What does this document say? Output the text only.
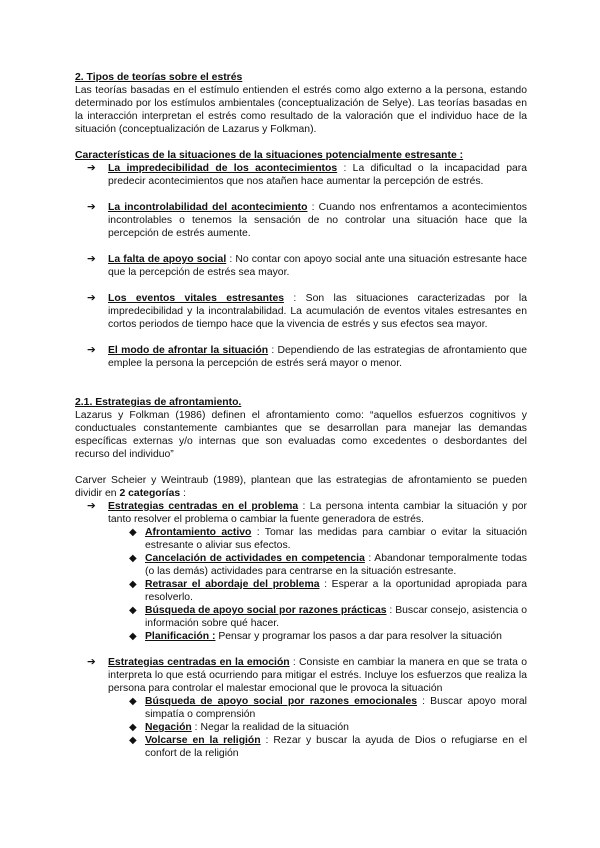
2. Tipos de teorías sobre el estrés

Las teorías basadas en el estímulo entienden el estrés como algo externo a la persona, estando determinado por los estímulos ambientales (conceptualización de Selye). Las teorías basadas en la interacción interpretan el estrés como resultado de la valoración que el individuo hace de la situación (conceptualización de Lazarus y Folkman).

Características de la situaciones de la situaciones potencialmente estresante :

➔ La impredecibilidad de los acontecimientos : La dificultad o la incapacidad para predecir acontecimientos que nos atañen hace aumentar la percepción de estrés.
➔ La incontrolabilidad del acontecimiento : Cuando nos enfrentamos a acontecimientos incontrolables o tenemos la sensación de no controlar una situación hace que la percepción de estrés aumente.
➔ La falta de apoyo social : No contar con apoyo social ante una situación estresante hace que la percepción de estrés sea mayor.
➔ Los eventos vitales estresantes : Son las situaciones caracterizadas por la impredecibilidad y la incontralabilidad. La acumulación de eventos vitales estresantes en cortos periodos de tiempo hace que la vivencia de estrés y sus efectos sea mayor.
➔ El modo de afrontar la situación : Dependiendo de las estrategias de afrontamiento que emplee la persona la percepción de estrés será mayor o menor.

2.1. Estrategias de afrontamiento.

Lazarus y Folkman (1986) definen el afrontamiento como: “aquellos esfuerzos cognitivos y conductuales constantemente cambiantes que se desarrollan para manejar las demandas específicas externas y/o internas que son evaluadas como excedentes o desbordantes del recurso del individuo”

Carver Scheier y Weintraub (1989), plantean que las estrategias de afrontamiento se pueden dividir en 2 categorías :

➔ Estrategias centradas en el problema : La persona intenta cambiar la situación y por tanto resolver el problema o cambiar la fuente generadora de estrés.
◆ Afrontamiento activo : Tomar las medidas para cambiar o evitar la situación estresante o aliviar sus efectos.
◆ Cancelación de actividades en competencia : Abandonar temporalmente todas (o las demás) actividades para centrarse en la situación estresante.
◆ Retrasar el abordaje del problema : Esperar a la oportunidad apropiada para resolverlo.
◆ Búsqueda de apoyo social por razones prácticas : Buscar consejo, asistencia o información sobre qué hacer.
◆ Planificación : Pensar y programar los pasos a dar para resolver la situación
➔ Estrategias centradas en la emoción : Consiste en cambiar la manera en que se trata o interpreta lo que está ocurriendo para mitigar el estrés. Incluye los esfuerzos que realiza la persona para controlar el malestar emocional que le provoca la situación
◆ Búsqueda de apoyo social por razones emocionales : Buscar apoyo moral simpatía o comprensión
◆ Negación : Negar la realidad de la situación
◆ Volcarse en la religión : Rezar y buscar la ayuda de Dios o refugiarse en el confort de la religión
